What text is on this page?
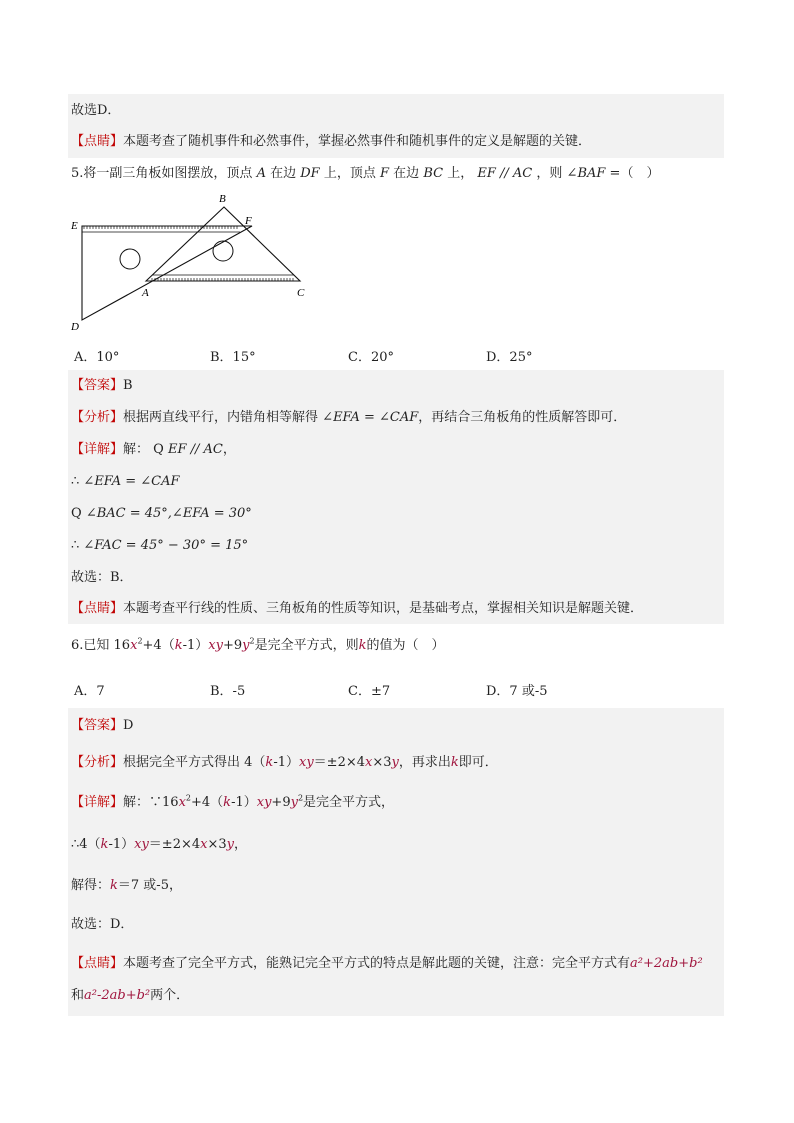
故选D．
【点睛】本题考查了随机事件和必然事件，掌握必然事件和随机事件的定义是解题的关键．
5.将一副三角板如图摆放，顶点 A 在边 DF 上，顶点 F 在边 BC 上， EF // AC ，则 ∠BAF =（　）
B
E	F
A	C
D
A．10°	B．15°	C．20°	D．25°
【答案】B
【分析】根据两直线平行，内错角相等解得 ∠EFA = ∠CAF，再结合三角板角的性质解答即可．
【详解】解： Q EF // AC，
∴ ∠EFA = ∠CAF
Q ∠BAC = 45°,∠EFA = 30°
∴ ∠FAC = 45° − 30° = 15°
故选：B．
【点睛】本题考查平行线的性质、三角板角的性质等知识，是基础考点，掌握相关知识是解题关键．
6.已知 $16x^2+4(k-1)xy+9y^2$是完全平方式，则k的值为（　）
A．7	B．-5	C．±7	D．7 或-5
【答案】D
【分析】根据完全平方式得出 4（k-1）xy＝±2×4x×3y，再求出k即可．
【详解】解：$\because 16x^2+4(k-1)xy+9y^2$是完全平方式，
∴4（k-1）xy＝±2×4x×3y，
解得：k＝7 或-5，
故选：D．
【点睛】本题考查了完全平方式，能熟记完全平方式的特点是解此题的关键，注意：完全平方式有a²+2ab+b²
和a²-2ab+b²两个．
